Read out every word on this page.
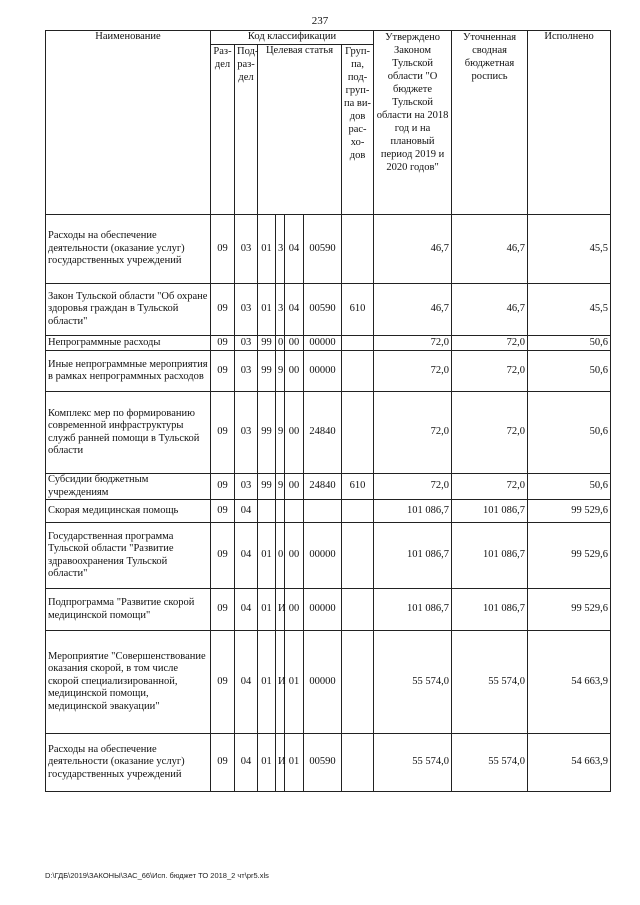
237
Наименование	Код классификации							Утверждено Законом Тульской области "О бюджете Тульской области на 2018 год и на плановый период 2019 и 2020 годов"	Уточненная сводная бюджетная роспись	Исполнено
	Раз-дел	Под-раз-дел	Целевая статья				Груп-па, под-груп-па ви-дов рас-хо-дов			
Расходы на обеспечение деятельности (оказание услуг) государственных учреждений	09	03	01	3	04	00590		46,7	46,7	45,5
Закон Тульской области "Об охране здоровья граждан в Тульской области"	09	03	01	3	04	00590	610	46,7	46,7	45,5
Непрограммные расходы	09	03	99	0	00	00000		72,0	72,0	50,6
Иные непрограммные мероприятия в рамках непрограммных расходов	09	03	99	9	00	00000		72,0	72,0	50,6
Комплекс мер по формированию современной инфраструктуры служб ранней помощи в Тульской области	09	03	99	9	00	24840		72,0	72,0	50,6
Субсидии бюджетным учреждениям	09	03	99	9	00	24840	610	72,0	72,0	50,6
Скорая медицинская помощь	09	04						101 086,7	101 086,7	99 529,6
Государственная программа Тульской области "Развитие здравоохранения Тульской области"	09	04	01	0	00	00000		101 086,7	101 086,7	99 529,6
Подпрограмма "Развитие скорой медицинской помощи"	09	04	01	И	00	00000		101 086,7	101 086,7	99 529,6
Мероприятие "Совершенствование оказания скорой, в том числе скорой специализированной, медицинской помощи, медицинской эвакуации"	09	04	01	И	01	00000		55 574,0	55 574,0	54 663,9
Расходы на обеспечение деятельности (оказание услуг) государственных учреждений	09	04	01	И	01	00590		55 574,0	55 574,0	54 663,9
D:\ГДБ\2019\ЗАКОНЫ\ЗАС_66\Исп. бюджет ТО 2018_2 чт\pr5.xls
